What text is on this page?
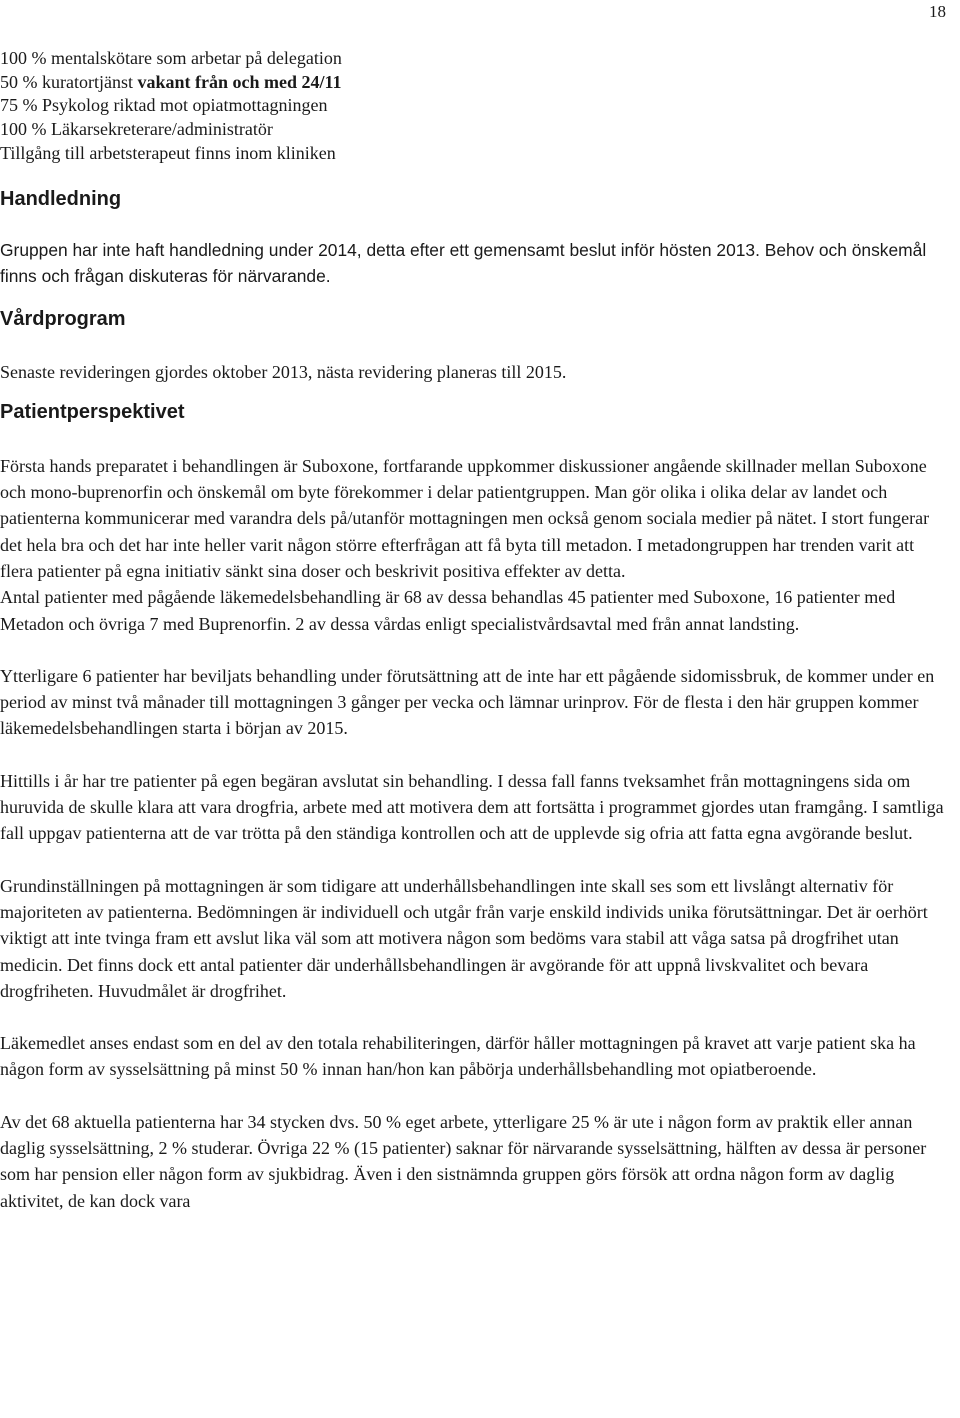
18
100 % mentalskötare som arbetar på delegation
50 % kuratortjänst vakant från och med 24/11
75 % Psykolog riktad mot opiatmottagningen
100 % Läkarsekreterare/administratör
Tillgång till arbetsterapeut finns inom kliniken
Handledning

Gruppen har inte haft handledning under 2014, detta efter ett gemensamt beslut inför hösten 2013. Behov och önskemål finns och frågan diskuteras för närvarande.

Vårdprogram

Senaste revideringen gjordes oktober 2013, nästa revidering planeras till 2015.

Patientperspektivet

Första hands preparatet i behandlingen är Suboxone, fortfarande uppkommer diskussioner angående skillnader mellan Suboxone och mono-buprenorfin och önskemål om byte förekommer i delar patientgruppen. Man gör olika i olika delar av landet och patienterna kommunicerar med varandra dels på/utanför mottagningen men också genom sociala medier på nätet. I stort fungerar det hela bra och det har inte heller varit någon större efterfrågan att få byta till metadon. I metadongruppen har trenden varit att flera patienter på egna initiativ sänkt sina doser och beskrivit positiva effekter av detta.

Antal patienter med pågående läkemedelsbehandling är 68 av dessa behandlas 45 patienter med Suboxone, 16 patienter med Metadon och övriga 7 med Buprenorfin. 2 av dessa vårdas enligt specialistvårdsavtal med från annat landsting.

Ytterligare 6 patienter har beviljats behandling under förutsättning att de inte har ett pågående sidomissbruk, de kommer under en period av minst två månader till mottagningen 3 gånger per vecka och lämnar urinprov. För de flesta i den här gruppen kommer läkemedelsbehandlingen starta i början av 2015.

Hittills i år har tre patienter på egen begäran avslutat sin behandling. I dessa fall fanns tveksamhet från mottagningens sida om huruvida de skulle klara att vara drogfria, arbete med att motivera dem att fortsätta i programmet gjordes utan framgång. I samtliga fall uppgav patienterna att de var trötta på den ständiga kontrollen och att de upplevde sig ofria att fatta egna avgörande beslut.

Grundinställningen på mottagningen är som tidigare att underhållsbehandlingen inte skall ses som ett livslångt alternativ för majoriteten av patienterna. Bedömningen är individuell och utgår från varje enskild individs unika förutsättningar. Det är oerhört viktigt att inte tvinga fram ett avslut lika väl som att motivera någon som bedöms vara stabil att våga satsa på drogfrihet utan medicin. Det finns dock ett antal patienter där underhållsbehandlingen är avgörande för att uppnå livskvalitet och bevara drogfriheten. Huvudmålet är drogfrihet.

Läkemedlet anses endast som en del av den totala rehabiliteringen, därför håller mottagningen på kravet att varje patient ska ha någon form av sysselsättning på minst 50 % innan han/hon kan påbörja underhållsbehandling mot opiatberoende.

Av det 68 aktuella patienterna har 34 stycken dvs. 50 % eget arbete, ytterligare 25 % är ute i någon form av praktik eller annan daglig sysselsättning, 2 % studerar. Övriga 22 % (15 patienter) saknar för närvarande sysselsättning, hälften av dessa är personer som har pension eller någon form av sjukbidrag. Även i den sistnämnda gruppen görs försök att ordna någon form av daglig aktivitet, de kan dock vara
